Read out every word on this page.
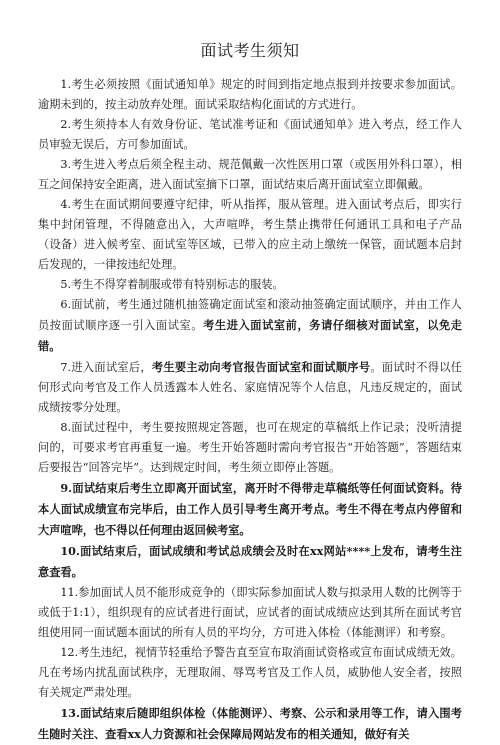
面试考生须知

1.考生必须按照《面试通知单》规定的时间到指定地点报到并按要求参加面试。逾期未到的，按主动放弃处理。面试采取结构化面试的方式进行。

2.考生须持本人有效身份证、笔试准考证和《面试通知单》进入考点，经工作人员审验无误后，方可参加面试。

3.考生进入考点后须全程主动、规范佩戴一次性医用口罩（或医用外科口罩），相互之间保持安全距离，进入面试室摘下口罩，面试结束后离开面试室立即佩戴。

4.考生在面试期间要遵守纪律，听从指挥，服从管理。进入面试考点后，即实行集中封闭管理，不得随意出入，大声喧哗，考生禁止携带任何通讯工具和电子产品（设备）进入候考室、面试室等区域，已带入的应主动上缴统一保管，面试题本启封后发现的，一律按违纪处理。

5.考生不得穿着制服或带有特别标志的服装。

6.面试前，考生通过随机抽签确定面试室和滚动抽签确定面试顺序，并由工作人员按面试顺序逐一引入面试室。考生进入面试室前，务请仔细核对面试室，以免走错。

7.进入面试室后，考生要主动向考官报告面试室和面试顺序号。面试时不得以任何形式向考官及工作人员透露本人姓名、家庭情况等个人信息，凡违反规定的，面试成绩按零分处理。

8.面试过程中，考生要按照规定答题，也可在规定的草稿纸上作记录；没听清提问的，可要求考官再重复一遍。考生开始答题时需向考官报告“开始答题”，答题结束后要报告“回答完毕”。达到规定时间，考生须立即停止答题。

9.面试结束后考生立即离开面试室，离开时不得带走草稿纸等任何面试资料。待本人面试成绩宣布完毕后，由工作人员引导考生离开考点。考生不得在考点内停留和大声喧哗，也不得以任何理由返回候考室。

10.面试结束后，面试成绩和考试总成绩会及时在xx网站****上发布，请考生注意查看。

11.参加面试人员不能形成竞争的（即实际参加面试人数与拟录用人数的比例等于或低于1:1），组织现有的应试者进行面试，应试者的面试成绩应达到其所在面试考官组使用同一面试题本面试的所有人员的平均分，方可进入体检（体能测评）和考察。

12.考生违纪，视情节轻重给予警告直至宣布取消面试资格或宣布面试成绩无效。凡在考场内扰乱面试秩序，无理取闹、辱骂考官及工作人员，威胁他人安全者，按照有关规定严肃处理。

13.面试结束后随即组织体检（体能测评）、考察、公示和录用等工作，请入围考生随时关注、查看xx人力资源和社会保障局网站发布的相关通知，做好有关
